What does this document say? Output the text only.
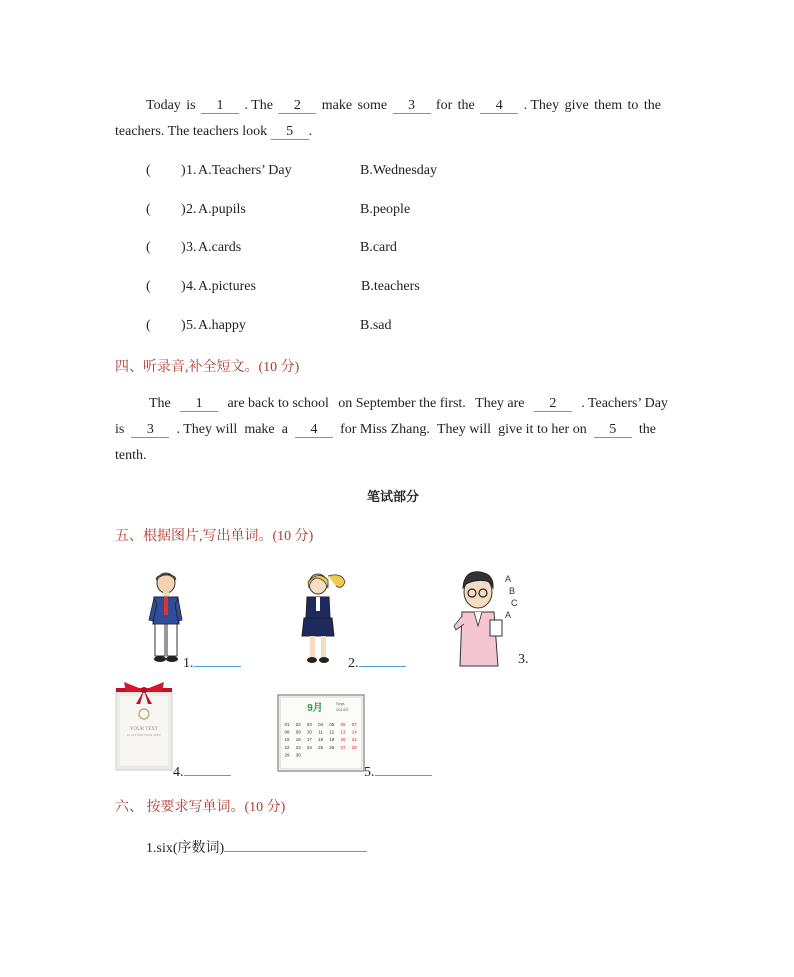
Today is	1	. The	2	make some	3	for the	4	. They give them to the
teachers. The teachers look 5 .
( ) 1. A.Teachers’ Day	B.Wednesday
( ) 2. A.pupils	B.people
( ) 3. A.cards	B.card
( ) 4. A.pictures	B.teachers
( ) 5. A.happy	B.sad
四、听录音,补全短文。(10 分)
The	1	are back to school on September the first. They are	2	. Teachers’ Day
is	3	. They will make a	4	for Miss Zhang. They will give it to her on	5	the
tenth.
笔试部分
五、根据图片,写出单词。(10 分)
1.	2.
A
B
C
A
3.
YOUR TEXT
PLACE FOR YOUR TEXT
4.
9月	Sept.
2014年
01 02 03 04 05 06 07
08 09 10 11 12 13 14
15 16 17 18 19 20 21
22 23 24 25 26 27 28
29 30
5.
六、 按要求写单词。(10 分)
1.six(序数词)
